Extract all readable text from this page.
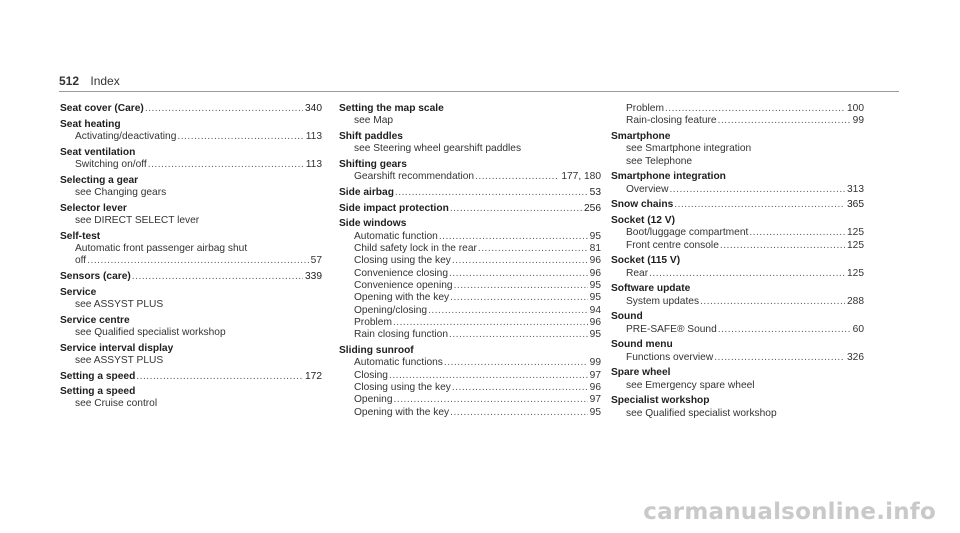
512 Index
Seat cover (Care) .....	340
Seat heating
Activating/deactivating .....	113
Seat ventilation
Switching on/off .....	113
Selecting a gear
see Changing gears
Selector lever
see DIRECT SELECT lever
Self-test
Automatic front passenger airbag shut
off .....	57
Sensors (care) .....	339
Service
see ASSYST PLUS
Service centre
see Qualified specialist workshop
Service interval display
see ASSYST PLUS
Setting a speed .....	172
Setting a speed
see Cruise control
Setting the map scale
see Map
Shift paddles
see Steering wheel gearshift paddles
Shifting gears
Gearshift recommendation .....	177, 180
Side airbag .....	53
Side impact protection .....	256
Side windows
Automatic function .....	95
Child safety lock in the rear .....	81
Closing using the key .....	96
Convenience closing .....	96
Convenience opening .....	95
Opening with the key .....	95
Opening/closing .....	94
Problem .....	96
Rain closing function .....	95
Sliding sunroof
Automatic functions .....	99
Closing .....	97
Closing using the key .....	96
Opening .....	97
Opening with the key .....	95
Problem .....	100
Rain-closing feature .....	99
Smartphone
see Smartphone integration
see Telephone
Smartphone integration
Overview .....	313
Snow chains .....	365
Socket (12 V)
Boot/luggage compartment .....	125
Front centre console .....	125
Socket (115 V)
Rear .....	125
Software update
System updates .....	288
Sound
PRE-SAFE® Sound .....	60
Sound menu
Functions overview .....	326
Spare wheel
see Emergency spare wheel
Specialist workshop
see Qualified specialist workshop
carmanualsonline.info
